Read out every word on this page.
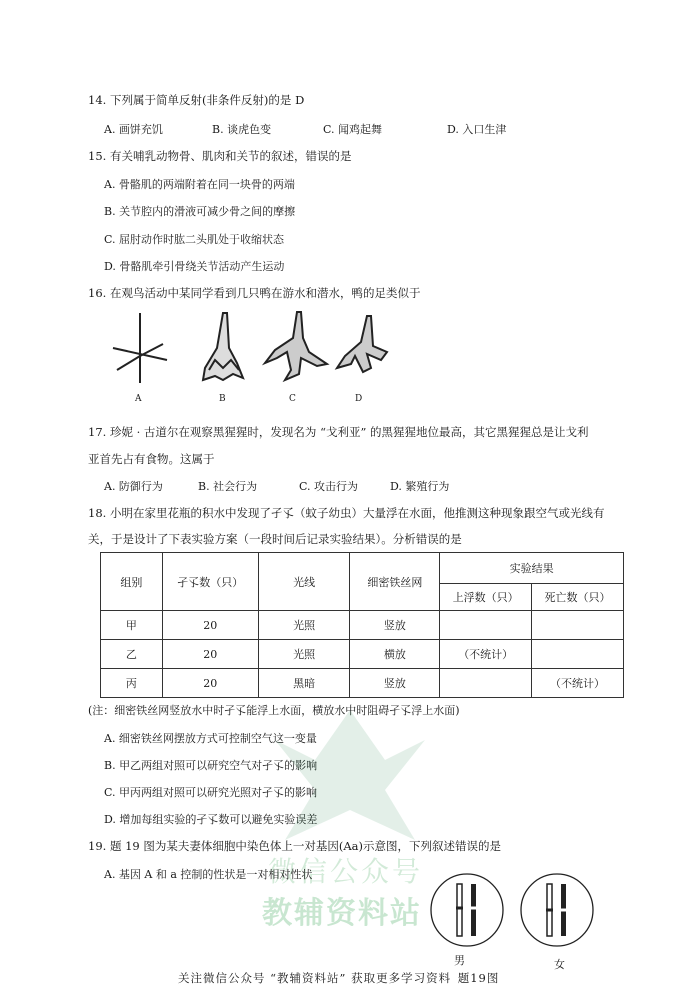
14. 下列属于简单反射(非条件反射)的是 D
A. 画饼充饥	B. 谈虎色变	C. 闻鸡起舞	D. 入口生津
15. 有关哺乳动物骨、肌肉和关节的叙述，错误的是
A. 骨骼肌的两端附着在同一块骨的两端
B. 关节腔内的滑液可减少骨之间的摩擦
C. 屈肘动作时肱二头肌处于收缩状态
D. 骨骼肌牵引骨绕关节活动产生运动
16. 在观鸟活动中某同学看到几只鸭在游水和潜水，鸭的足类似于
A	B	C	D
17. 珍妮 · 古道尔在观察黑猩猩时，发现名为 “戈利亚” 的黑猩猩地位最高，其它黑猩猩总是让戈利
亚首先占有食物。这属于
A. 防御行为	B. 社会行为	C. 攻击行为	D. 繁殖行为
18. 小明在家里花瓶的积水中发现了孑孓（蚊子幼虫）大量浮在水面，他推测这种现象跟空气或光线有
关，于是设计了下表实验方案（一段时间后记录实验结果）。分析错误的是
组别	孑孓数（只）	光线	细密铁丝网	实验结果	
				上浮数（只）	死亡数（只）
甲	20	光照	竖放		
乙	20	光照	横放	（不统计）	
丙	20	黑暗	竖放		（不统计）
(注：细密铁丝网竖放水中时孑孓能浮上水面，横放水中时阻碍孑孓浮上水面)
A. 细密铁丝网摆放方式可控制空气这一变量
B. 甲乙两组对照可以研究空气对孑孓的影响
C. 甲丙两组对照可以研究光照对孑孓的影响
D. 增加每组实验的孑孓数可以避免实验误差
微信公众号
教辅资料站
19. 题 19 图为某夫妻体细胞中染色体上一对基因(Aa)示意图，下列叙述错误的是
A. 基因 A 和 a 控制的性状是一对相对性状
男	女
关注微信公众号 “教辅资料站” 获取更多学习资料 题19图
